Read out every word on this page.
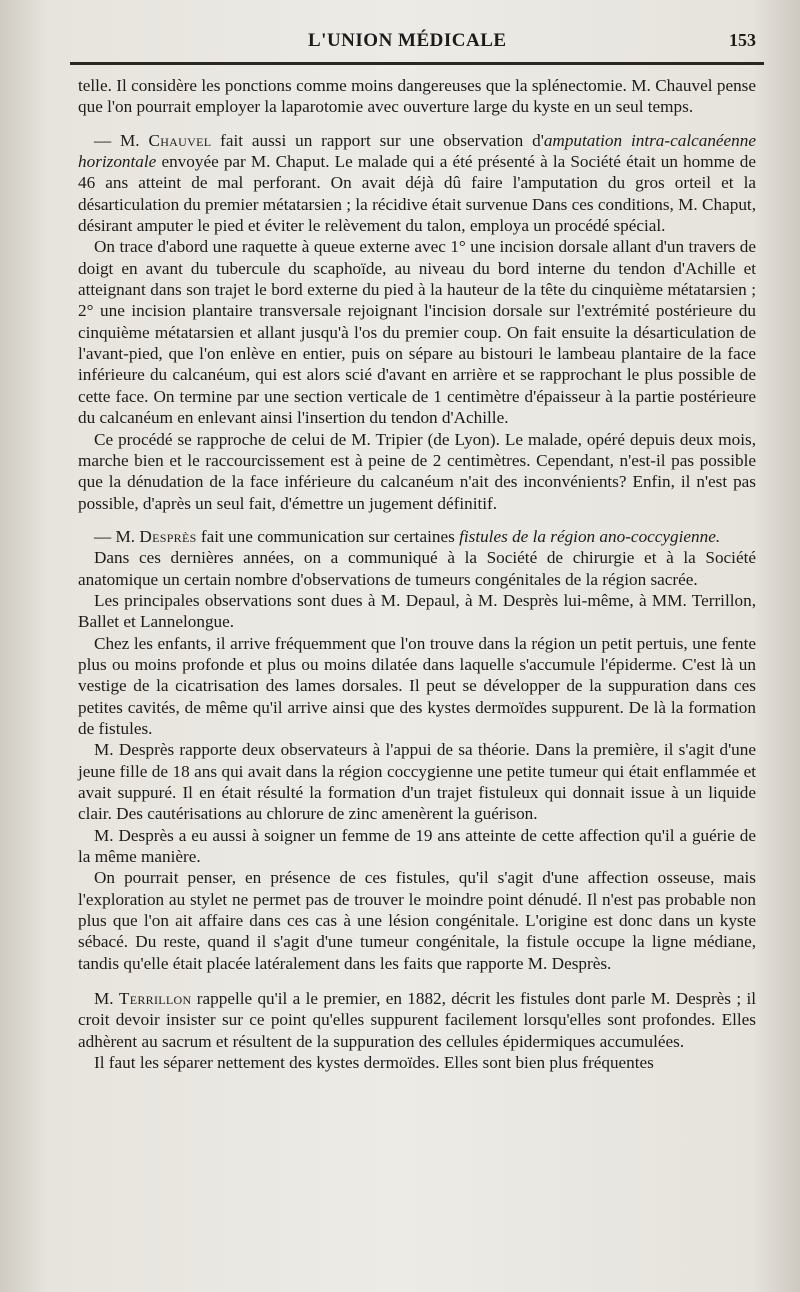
L'UNION MÉDICALE	153

telle. Il considère les ponctions comme moins dangereuses que la splénectomie. M. Chauvel pense que l'on pourrait employer la laparotomie avec ouverture large du kyste en un seul temps.

— M. Chauvel fait aussi un rapport sur une observation d'amputation intra-calcanéenne horizontale envoyée par M. Chaput. Le malade qui a été présenté à la Société était un homme de 46 ans atteint de mal perforant. On avait déjà dû faire l'amputation du gros orteil et la désarticulation du premier métatarsien ; la récidive était survenue Dans ces conditions, M. Chaput, désirant amputer le pied et éviter le relèvement du talon, employa un procédé spécial.

On trace d'abord une raquette à queue externe avec 1° une incision dorsale allant d'un travers de doigt en avant du tubercule du scaphoïde, au niveau du bord interne du tendon d'Achille et atteignant dans son trajet le bord externe du pied à la hauteur de la tête du cinquième métatarsien ; 2° une incision plantaire transversale rejoignant l'incision dorsale sur l'extrémité postérieure du cinquième métatarsien et allant jusqu'à l'os du premier coup. On fait ensuite la désarticulation de l'avant-pied, que l'on enlève en entier, puis on sépare au bistouri le lambeau plantaire de la face inférieure du calcanéum, qui est alors scié d'avant en arrière et se rapprochant le plus possible de cette face. On termine par une section verticale de 1 centimètre d'épaisseur à la partie postérieure du calcanéum en enlevant ainsi l'insertion du tendon d'Achille.

Ce procédé se rapproche de celui de M. Tripier (de Lyon). Le malade, opéré depuis deux mois, marche bien et le raccourcissement est à peine de 2 centimètres. Cependant, n'est-il pas possible que la dénudation de la face inférieure du calcanéum n'ait des inconvénients? Enfin, il n'est pas possible, d'après un seul fait, d'émettre un jugement définitif.

— M. Desprès fait une communication sur certaines fistules de la région ano-coccygienne.

Dans ces dernières années, on a communiqué à la Société de chirurgie et à la Société anatomique un certain nombre d'observations de tumeurs congénitales de la région sacrée.

Les principales observations sont dues à M. Depaul, à M. Desprès lui-même, à MM. Terrillon, Ballet et Lannelongue.

Chez les enfants, il arrive fréquemment que l'on trouve dans la région un petit pertuis, une fente plus ou moins profonde et plus ou moins dilatée dans laquelle s'accumule l'épiderme. C'est là un vestige de la cicatrisation des lames dorsales. Il peut se développer de la suppuration dans ces petites cavités, de même qu'il arrive ainsi que des kystes dermoïdes suppurent. De là la formation de fistules.

M. Desprès rapporte deux observateurs à l'appui de sa théorie. Dans la première, il s'agit d'une jeune fille de 18 ans qui avait dans la région coccygienne une petite tumeur qui était enflammée et avait suppuré. Il en était résulté la formation d'un trajet fistuleux qui donnait issue à un liquide clair. Des cautérisations au chlorure de zinc amenèrent la guérison.

M. Desprès a eu aussi à soigner un femme de 19 ans atteinte de cette affection qu'il a guérie de la même manière.

On pourrait penser, en présence de ces fistules, qu'il s'agit d'une affection osseuse, mais l'exploration au stylet ne permet pas de trouver le moindre point dénudé. Il n'est pas probable non plus que l'on ait affaire dans ces cas à une lésion congénitale. L'origine est donc dans un kyste sébacé. Du reste, quand il s'agit d'une tumeur congénitale, la fistule occupe la ligne médiane, tandis qu'elle était placée latéralement dans les faits que rapporte M. Desprès.

M. Terrillon rappelle qu'il a le premier, en 1882, décrit les fistules dont parle M. Desprès ; il croit devoir insister sur ce point qu'elles suppurent facilement lorsqu'elles sont profondes. Elles adhèrent au sacrum et résultent de la suppuration des cellules épidermiques accumulées.

Il faut les séparer nettement des kystes dermoïdes. Elles sont bien plus fréquentes
